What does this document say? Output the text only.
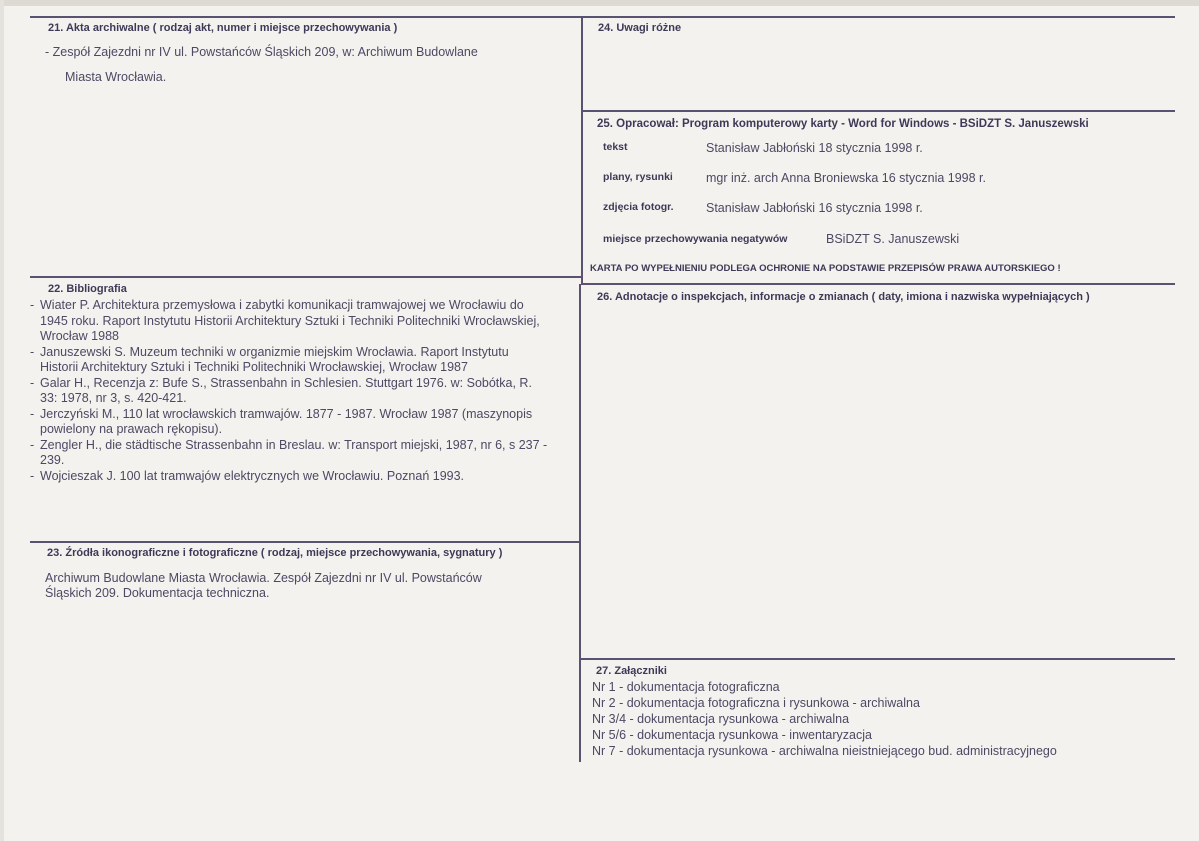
21. Akta archiwalne ( rodzaj akt, numer i miejsce przechowywania )
- Zespół Zajezdni nr IV ul. Powstańców Śląskich 209, w: Archiwum Budowlane
Miasta Wrocławia.
24. Uwagi różne
25. Opracował: Program komputerowy karty - Word for Windows - BSiDZT S. Januszewski
tekst	Stanisław Jabłoński 18 stycznia 1998 r.
plany, rysunki	mgr inż. arch Anna Broniewska 16 stycznia 1998 r.
zdjęcia fotogr.	Stanisław Jabłoński 16 stycznia 1998 r.
miejsce przechowywania negatywów	BSiDZT S. Januszewski
KARTA PO WYPEŁNIENIU PODLEGA OCHRONIE NA PODSTAWIE PRZEPISÓW PRAWA AUTORSKIEGO !
22. Bibliografia
- Wiater P. Architektura przemysłowa i zabytki komunikacji tramwajowej we Wrocławiu do 1945 roku. Raport Instytutu Historii Architektury Sztuki i Techniki Politechniki Wrocławskiej, Wrocław 1988
- Januszewski S. Muzeum techniki w organizmie miejskim Wrocławia. Raport Instytutu Historii Architektury Sztuki i Techniki Politechniki Wrocławskiej, Wrocław 1987
- Galar H., Recenzja z: Bufe S., Strassenbahn in Schlesien. Stuttgart 1976. w: Sobótka, R. 33: 1978, nr 3, s. 420-421.
- Jerczyński M., 110 lat wrocławskich tramwajów. 1877 - 1987. Wrocław 1987 (maszynopis powielony na prawach rękopisu).
- Zengler H., die städtische Strassenbahn in Breslau. w: Transport miejski, 1987, nr 6, s 237 - 239.
- Wojcieszak J. 100 lat tramwajów elektrycznych we Wrocławiu. Poznań 1993.
26. Adnotacje o inspekcjach, informacje o zmianach ( daty, imiona i nazwiska wypełniających )
23. Źródła ikonograficzne i fotograficzne ( rodzaj, miejsce przechowywania, sygnatury )
Archiwum Budowlane Miasta Wrocławia. Zespół Zajezdni nr IV ul. Powstańców
Śląskich 209. Dokumentacja techniczna.
27. Załączniki
Nr 1 - dokumentacja fotograficzna
Nr 2 - dokumentacja fotograficzna i rysunkowa - archiwalna
Nr 3/4 - dokumentacja rysunkowa - archiwalna
Nr 5/6 - dokumentacja rysunkowa - inwentaryzacja
Nr 7 - dokumentacja rysunkowa - archiwalna nieistniejącego bud. administracyjnego
